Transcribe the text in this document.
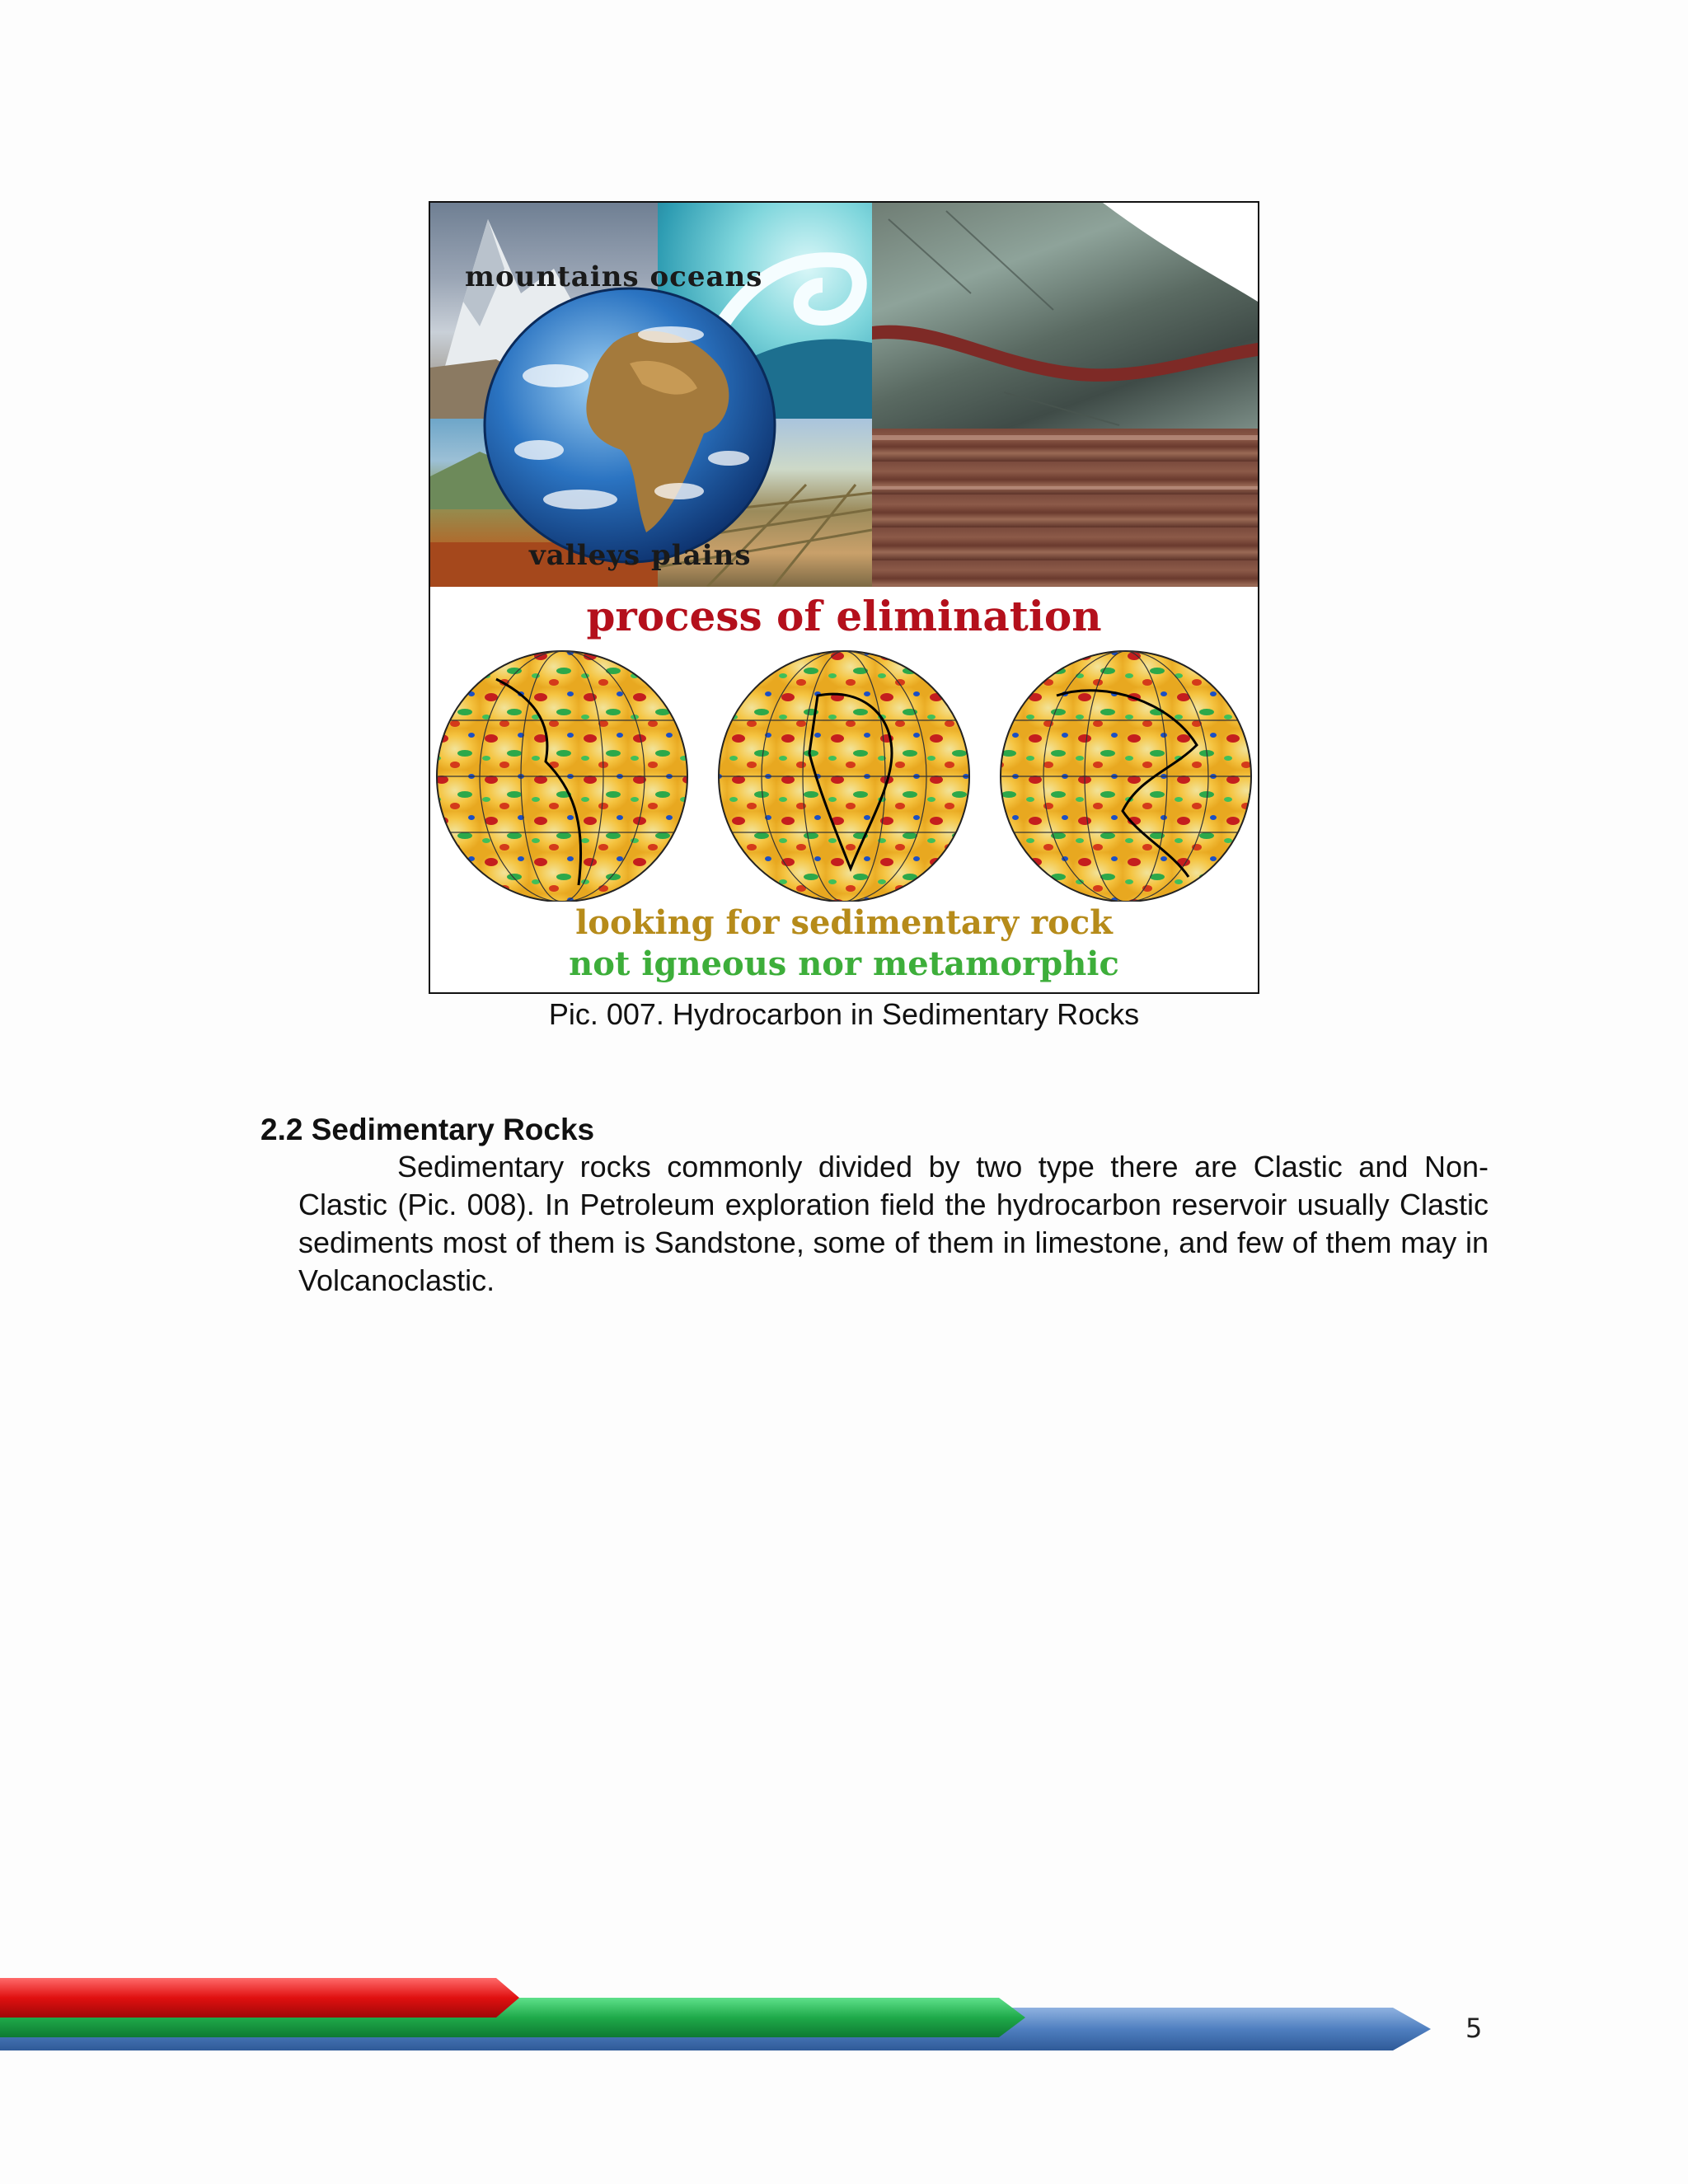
mountains oceans
valleys plains
process of elimination
looking for sedimentary rock
not igneous nor metamorphic
Pic. 007. Hydrocarbon in Sedimentary Rocks
2.2 Sedimentary Rocks

Sedimentary rocks commonly divided by two type there are Clastic and Non- Clastic (Pic. 008). In Petroleum exploration field the hydrocarbon reservoir usually Clastic sediments most of them is Sandstone, some of them in limestone, and few of them may in Volcanoclastic.

5
